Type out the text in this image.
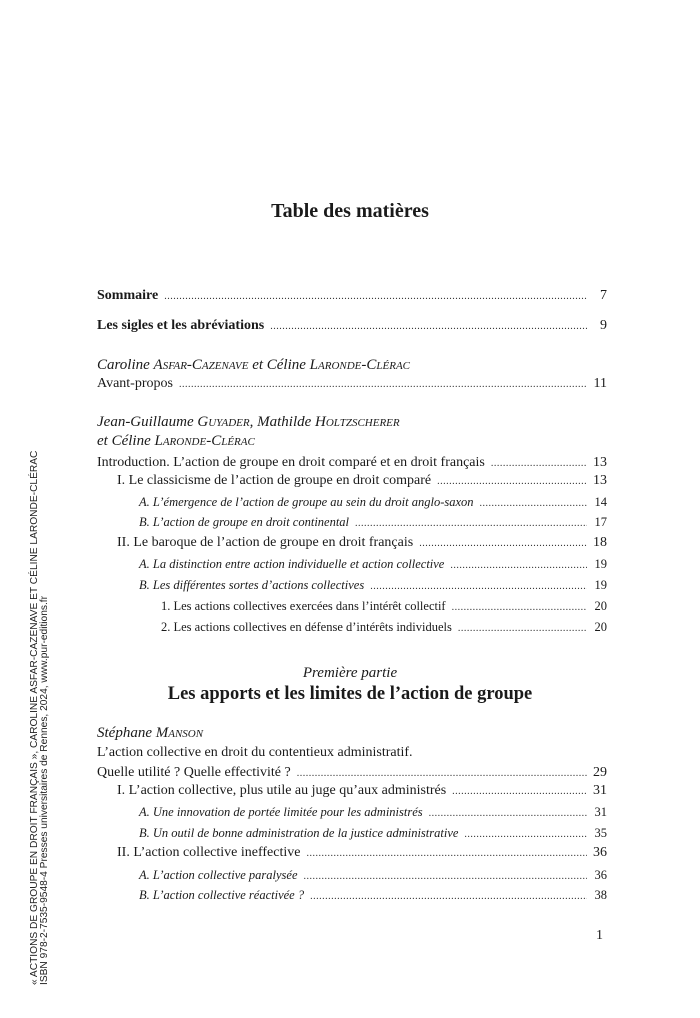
« ACTIONS DE GROUPE EN DROIT FRANÇAIS », CAROLINE ASFAR-CAZENAVE ET CÉLINE LARONDE-CLÉRAC ISBN 978-2-7535-9548-4 Presses universitaires de Rennes, 2024, www.pur-editions.fr
Table des matières
Sommaire .....	7
Les sigles et les abréviations .....	9
Caroline Asfar-Cazenave et Céline Laronde-Clérac
Avant-propos .....	11
Jean-Guillaume Guyader, Mathilde Holtzscherer
et Céline Laronde-Clérac
Introduction. L’action de groupe en droit comparé et en droit français .....	13
I. Le classicisme de l’action de groupe en droit comparé .....	13
A. L’émergence de l’action de groupe au sein du droit anglo-saxon .....	14
B. L’action de groupe en droit continental .....	17
II. Le baroque de l’action de groupe en droit français .....	18
A. La distinction entre action individuelle et action collective .....	19
B. Les différentes sortes d’actions collectives .....	19
1. Les actions collectives exercées dans l’intérêt collectif .....	20
2. Les actions collectives en défense d’intérêts individuels .....	20
Stéphane Manson
L’action collective en droit du contentieux administratif.
Quelle utilité ? Quelle effectivité ? .....	29
I. L’action collective, plus utile au juge qu’aux administrés .....	31
A. Une innovation de portée limitée pour les administrés .....	31
B. Un outil de bonne administration de la justice administrative .....	35
II. L’action collective ineffective .....	36
A. L’action collective paralysée .....	36
B. L’action collective réactivée ? .....	38
Première partie
Les apports et les limites de l’action de groupe
1
